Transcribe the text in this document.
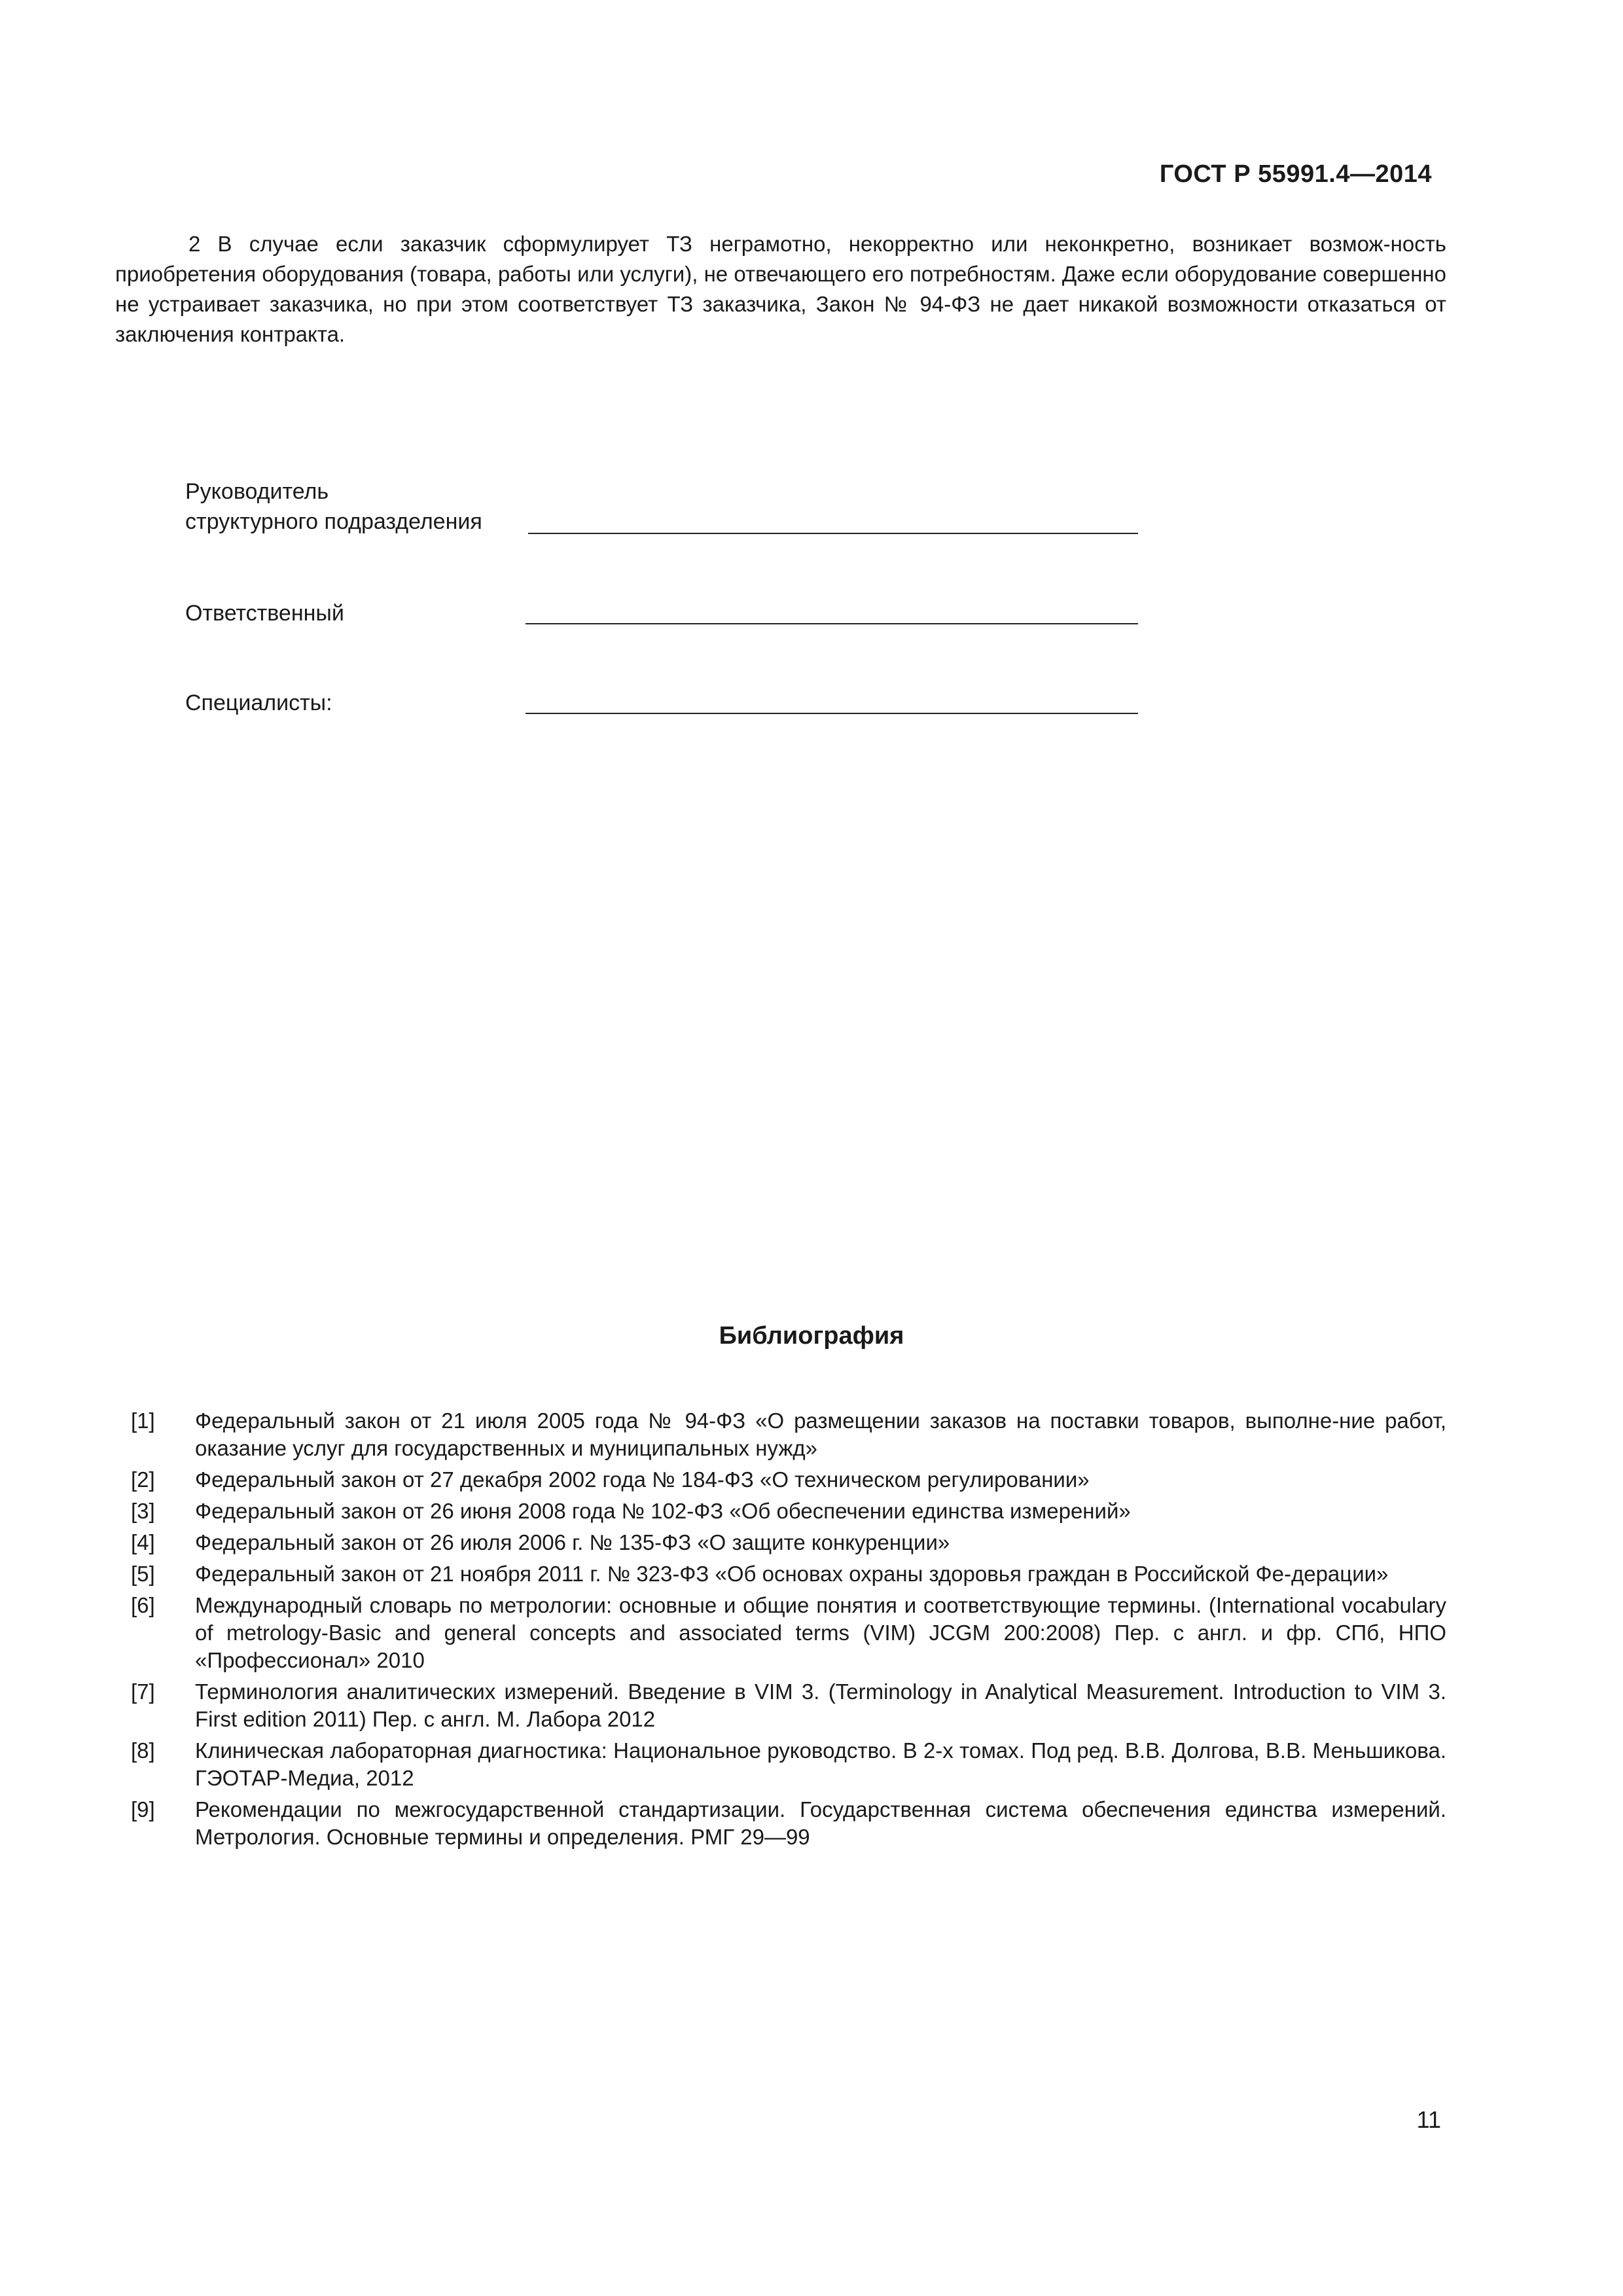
ГОСТ Р 55991.4—2014

2 В случае если заказчик сформулирует ТЗ неграмотно, некорректно или неконкретно, возникает возмож-ность приобретения оборудования (товара, работы или услуги), не отвечающего его потребностям. Даже если оборудование совершенно не устраивает заказчика, но при этом соответствует ТЗ заказчика, Закон № 94-ФЗ не дает никакой возможности отказаться от заключения контракта.

Руководитель
структурного подразделения
Ответственный
Специалисты:
Библиография
[1] Федеральный закон от 21 июля 2005 года № 94-ФЗ «О размещении заказов на поставки товаров, выполне-ние работ, оказание услуг для государственных и муниципальных нужд»
[2] Федеральный закон от 27 декабря 2002 года № 184-ФЗ «О техническом регулировании»
[3] Федеральный закон от 26 июня 2008 года № 102-ФЗ «Об обеспечении единства измерений»
[4] Федеральный закон от 26 июля 2006 г. № 135-ФЗ «О защите конкуренции»
[5] Федеральный закон от 21 ноября 2011 г. № 323-ФЗ «Об основах охраны здоровья граждан в Российской Фе-дерации»
[6] Международный словарь по метрологии: основные и общие понятия и соответствующие термины. (International vocabulary of metrology-Basic and general concepts and associated terms (VIM) JCGM 200:2008) Пер. с англ. и фр. СПб, НПО «Профессионал» 2010
[7] Терминология аналитических измерений. Введение в VIM 3. (Terminology in Analytical Measurement. Introduction to VIM 3. First edition 2011) Пер. с англ. М. Лабора 2012
[8] Клиническая лабораторная диагностика: Национальное руководство. В 2-х томах. Под ред. В.В. Долгова, В.В. Меньшикова. ГЭОТАР-Медиа, 2012
[9] Рекомендации по межгосударственной стандартизации. Государственная система обеспечения единства измерений. Метрология. Основные термины и определения. РМГ 29—99
11
